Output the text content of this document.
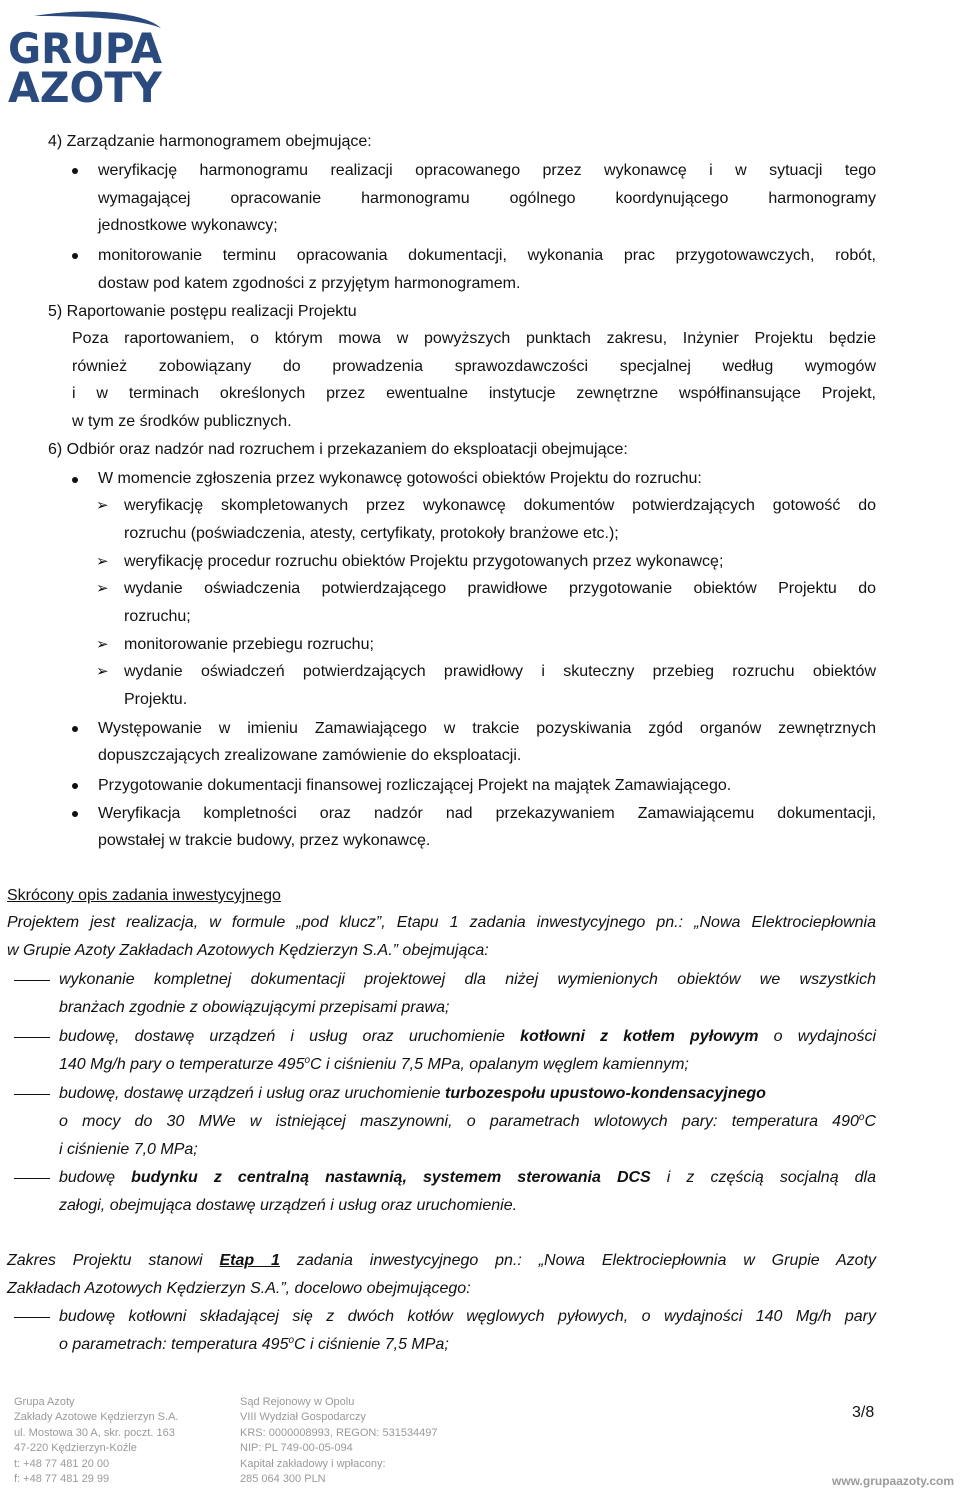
GRUPA
AZOTY
4) Zarządzanie harmonogramem obejmujące:
weryfikację harmonogramu realizacji opracowanego przez wykonawcę i w sytuacji tego
wymagającej opracowanie harmonogramu ogólnego koordynującego harmonogramy
jednostkowe wykonawcy;
monitorowanie terminu opracowania dokumentacji, wykonania prac przygotowawczych, robót,
dostaw pod katem zgodności z przyjętym harmonogramem.
5) Raportowanie postępu realizacji Projektu
Poza raportowaniem, o którym mowa w powyższych punktach zakresu, Inżynier Projektu będzie
również zobowiązany do prowadzenia sprawozdawczości specjalnej według wymogów
i w terminach określonych przez ewentualne instytucje zewnętrzne współfinansujące Projekt,
w tym ze środków publicznych.
6) Odbiór oraz nadzór nad rozruchem i przekazaniem do eksploatacji obejmujące:
W momencie zgłoszenia przez wykonawcę gotowości obiektów Projektu do rozruchu:
➢ weryfikację skompletowanych przez wykonawcę dokumentów potwierdzających gotowość do
rozruchu (poświadczenia, atesty, certyfikaty, protokoły branżowe etc.);
➢ weryfikację procedur rozruchu obiektów Projektu przygotowanych przez wykonawcę;
➢ wydanie oświadczenia potwierdzającego prawidłowe przygotowanie obiektów Projektu do
rozruchu;
➢ monitorowanie przebiegu rozruchu;
➢ wydanie oświadczeń potwierdzających prawidłowy i skuteczny przebieg rozruchu obiektów
Projektu.
Występowanie w imieniu Zamawiającego w trakcie pozyskiwania zgód organów zewnętrznych
dopuszczających zrealizowane zamówienie do eksploatacji.
Przygotowanie dokumentacji finansowej rozliczającej Projekt na majątek Zamawiającego.
Weryfikacja kompletności oraz nadzór nad przekazywaniem Zamawiającemu dokumentacji,
powstałej w trakcie budowy, przez wykonawcę.
Skrócony opis zadania inwestycyjnego
Projektem jest realizacja, w formule „pod klucz”, Etapu 1 zadania inwestycyjnego pn.: „Nowa Elektrociepłownia
w Grupie Azoty Zakładach Azotowych Kędzierzyn S.A.” obejmująca:
wykonanie kompletnej dokumentacji projektowej dla niżej wymienionych obiektów we wszystkich
branżach zgodnie z obowiązującymi przepisami prawa;
budowę, dostawę urządzeń i usług oraz uruchomienie kotłowni z kotłem pyłowym o wydajności
140 Mg/h pary o temperaturze 495$^o$C i ciśnieniu 7,5 MPa, opalanym węglem kamiennym;
budowę, dostawę urządzeń i usług oraz uruchomienie turbozespołu upustowo-kondensacyjnego
o mocy do 30 MWe w istniejącej maszynowni, o parametrach wlotowych pary: temperatura 490$^o$C
i ciśnienie 7,0 MPa;
budowę budynku z centralną nastawnią, systemem sterowania DCS i z częścią socjalną dla
załogi, obejmująca dostawę urządzeń i usług oraz uruchomienie.
Zakres Projektu stanowi Etap 1 zadania inwestycyjnego pn.: „Nowa Elektrociepłownia w Grupie Azoty
Zakładach Azotowych Kędzierzyn S.A.”, docelowo obejmującego:
budowę kotłowni składającej się z dwóch kotłów węglowych pyłowych, o wydajności 140 Mg/h pary
o parametrach: temperatura 495$^o$C i ciśnienie 7,5 MPa;
Grupa Azoty
Zakłady Azotowe Kędzierzyn S.A.
ul. Mostowa 30 A, skr. poczt. 163
47-220 Kędzierzyn-Koźle
t: +48 77 481 20 00
f: +48 77 481 29 99
Sąd Rejonowy w Opolu
VIII Wydział Gospodarczy
KRS: 0000008993, REGON: 531534497
NIP: PL 749-00-05-094
Kapitał zakładowy i wpłacony:
285 064 300 PLN
3/8
www.grupaazoty.com
